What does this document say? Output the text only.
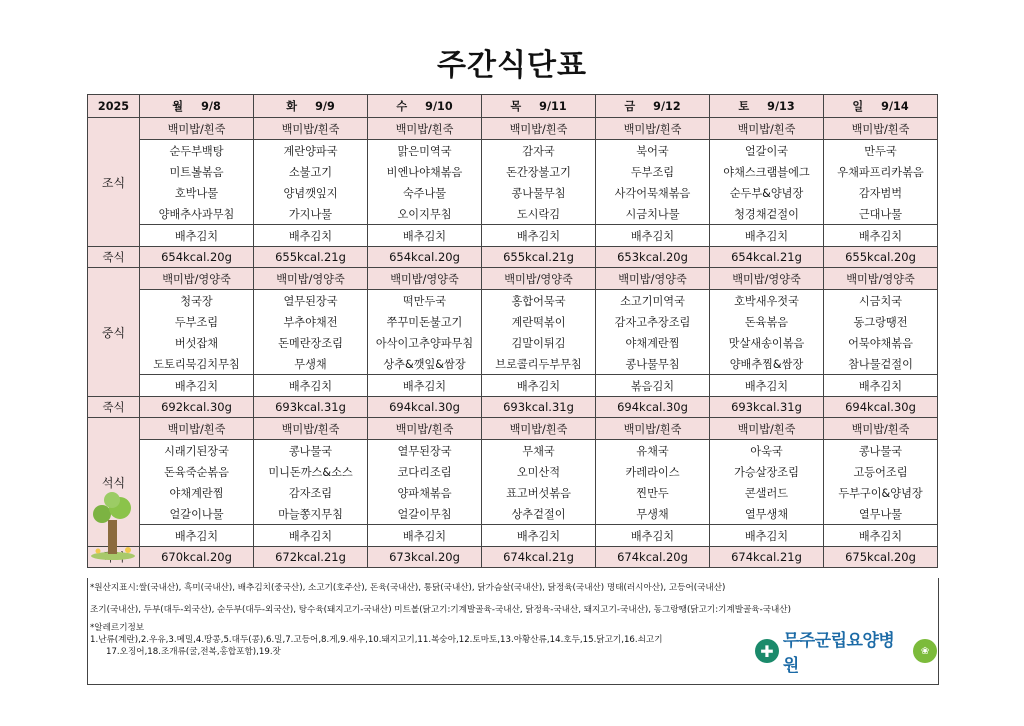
주간식단표
2025	월 9/8	화 9/9	수 9/10	목 9/11	금 9/12	토 9/13	일 9/14
조식	백미밥/흰죽	백미밥/흰죽	백미밥/흰죽	백미밥/흰죽	백미밥/흰죽	백미밥/흰죽	백미밥/흰죽
	순두부백탕	계란양파국	맑은미역국	감자국	북어국	얼갈이국	만두국
	미트볼볶음	소불고기	비엔나야채볶음	돈간장불고기	두부조림	야채스크램블에그	우채파프리카볶음
	호박나물	양념깻잎지	숙주나물	콩나물무침	사각어묵채볶음	순두부&양념장	감자범벅
	양배추사과무침	가지나물	오이지무침	도시락김	시금치나물	청경채겉절이	근대나물
	배추김치	배추김치	배추김치	배추김치	배추김치	배추김치	배추김치
죽식	654kcal.20g	655kcal.21g	654kcal.20g	655kcal.21g	653kcal.20g	654kcal.21g	655kcal.20g
중식	백미밥/영양죽	백미밥/영양죽	백미밥/영양죽	백미밥/영양죽	백미밥/영양죽	백미밥/영양죽	백미밥/영양죽
	청국장	열무된장국	떡만두국	홍합어묵국	소고기미역국	호박새우젓국	시금치국
	두부조림	부추야채전	쭈꾸미돈불고기	계란떡볶이	감자고추장조림	돈육볶음	동그랑땡전
	버섯잡채	돈메란장조림	아삭이고추양파무침	김말이튀김	야채계란찜	맛살새송이볶음	어묵야채볶음
	도토리묵김치무침	무생채	상추&깻잎&쌈장	브로콜리두부무침	콩나물무침	양배추찜&쌈장	참나물겉절이
	배추김치	배추김치	배추김치	배추김치	볶음김치	배추김치	배추김치
죽식	692kcal.30g	693kcal.31g	694kcal.30g	693kcal.31g	694kcal.30g	693kcal.31g	694kcal.30g
석식	백미밥/흰죽	백미밥/흰죽	백미밥/흰죽	백미밥/흰죽	백미밥/흰죽	백미밥/흰죽	백미밥/흰죽
	시래기된장국	콩나물국	열무된장국	무채국	유채국	아욱국	콩나물국
	돈육죽순볶음	미니돈까스&소스	코다리조림	오미산적	카레라이스	가승살장조림	고등어조림
	야채계란찜	감자조림	양파채볶음	표고버섯볶음	찐만두	콘샐러드	두부구이&양념장
	얼갈이나물	마늘쫑지무침	얼갈이무침	상추겉절이	무생채	열무생채	열무나물
	배추김치	배추김치	배추김치	배추김치	배추김치	배추김치	배추김치
	670kcal.20g	672kcal.21g	673kcal.20g	674kcal.21g	674kcal.20g	674kcal.21g	675kcal.20g

*원산지표시:쌀(국내산), 흑미(국내산), 배추김치(중국산), 소고기(호주산), 돈육(국내산), 통닭(국내산), 닭가슴살(국내산), 닭정육(국내산) 명태(러시아산), 고등어(국내산)

조기(국내산), 두부(대두-외국산), 순두부(대두-외국산), 탕수육(돼지고기-국내산) 미트볼(닭고기:기계발골육-국내산, 닭정육-국내산, 돼지고기-국내산), 동그랑땡(닭고기:기계발골육-국내산)

*알레르기정보

1.난류(계란),2.우유,3.메밀,4.땅콩,5.대두(콩),6.밀,7.고등어,8.게,9.새우,10.돼지고기,11.복숭아,12.토마토,13.아황산류,14.호두,15.닭고기,16.쇠고기

17.오징어,18.조개류(굴,전복,홍합포함),19.잣	✚ 무주군립요양병원
❀
